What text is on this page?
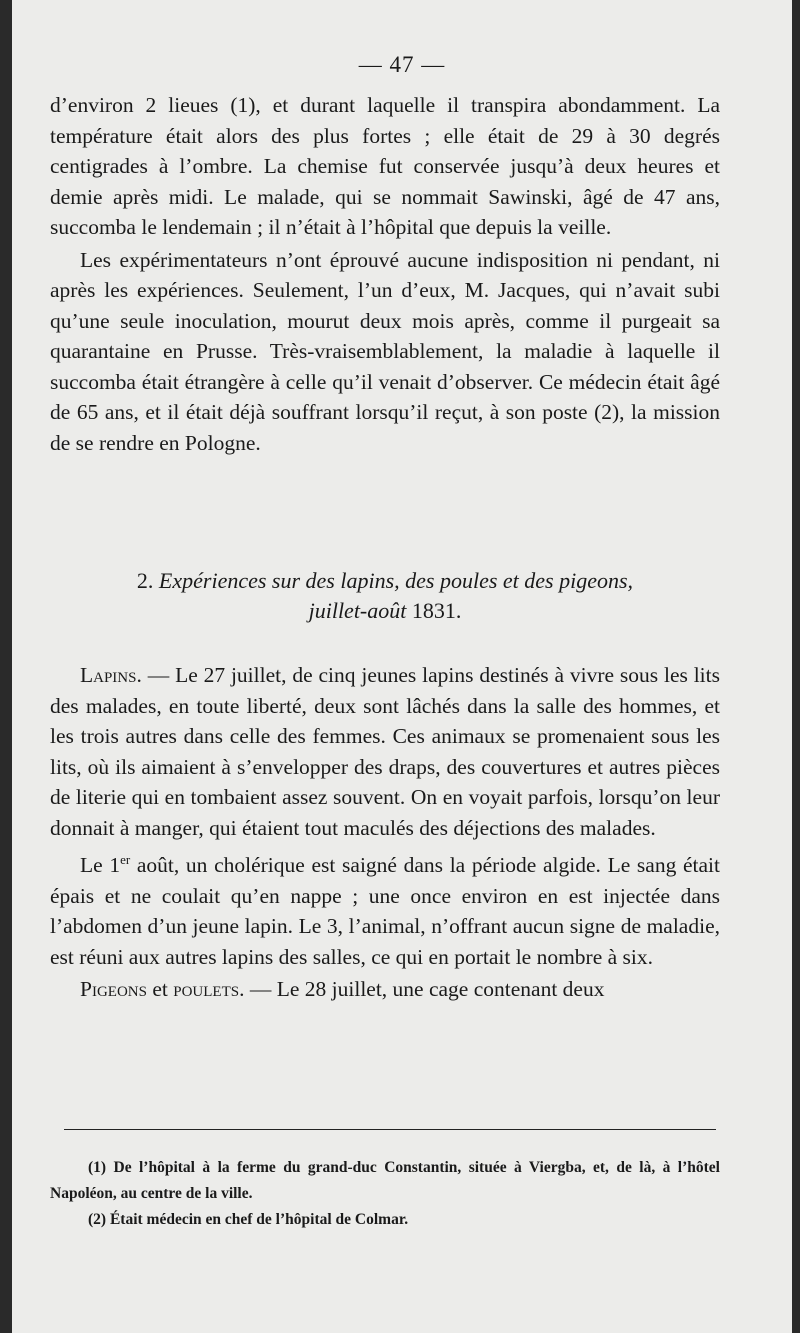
— 47 —

d’environ 2 lieues (1), et durant laquelle il transpira abondamment. La température était alors des plus fortes ; elle était de 29 à 30 degrés centigrades à l’ombre. La chemise fut conservée jusqu’à deux heures et demie après midi. Le malade, qui se nommait Sawinski, âgé de 47 ans, succomba le lendemain ; il n’était à l’hôpital que depuis la veille.

Les expérimentateurs n’ont éprouvé aucune indisposition ni pendant, ni après les expériences. Seulement, l’un d’eux, M. Jacques, qui n’avait subi qu’une seule inoculation, mourut deux mois après, comme il purgeait sa quarantaine en Prusse. Très-vraisemblablement, la maladie à laquelle il succomba était étrangère à celle qu’il venait d’observer. Ce médecin était âgé de 65 ans, et il était déjà souffrant lorsqu’il reçut, à son poste (2), la mission de se rendre en Pologne.

2. Expériences sur des lapins, des poules et des pigeons,
juillet-août 1831.

Lapins. — Le 27 juillet, de cinq jeunes lapins destinés à vivre sous les lits des malades, en toute liberté, deux sont lâchés dans la salle des hommes, et les trois autres dans celle des femmes. Ces animaux se promenaient sous les lits, où ils aimaient à s’envelopper des draps, des couvertures et autres pièces de literie qui en tombaient assez souvent. On en voyait parfois, lorsqu’on leur donnait à manger, qui étaient tout maculés des déjections des malades.

Le 1er août, un cholérique est saigné dans la période algide. Le sang était épais et ne coulait qu’en nappe ; une once environ en est injectée dans l’abdomen d’un jeune lapin. Le 3, l’animal, n’offrant aucun signe de maladie, est réuni aux autres lapins des salles, ce qui en portait le nombre à six.

Pigeons et poulets. — Le 28 juillet, une cage contenant deux

(1) De l’hôpital à la ferme du grand-duc Constantin, située à Viergba, et, de là, à l’hôtel Napoléon, au centre de la ville.

(2) Était médecin en chef de l’hôpital de Colmar.
